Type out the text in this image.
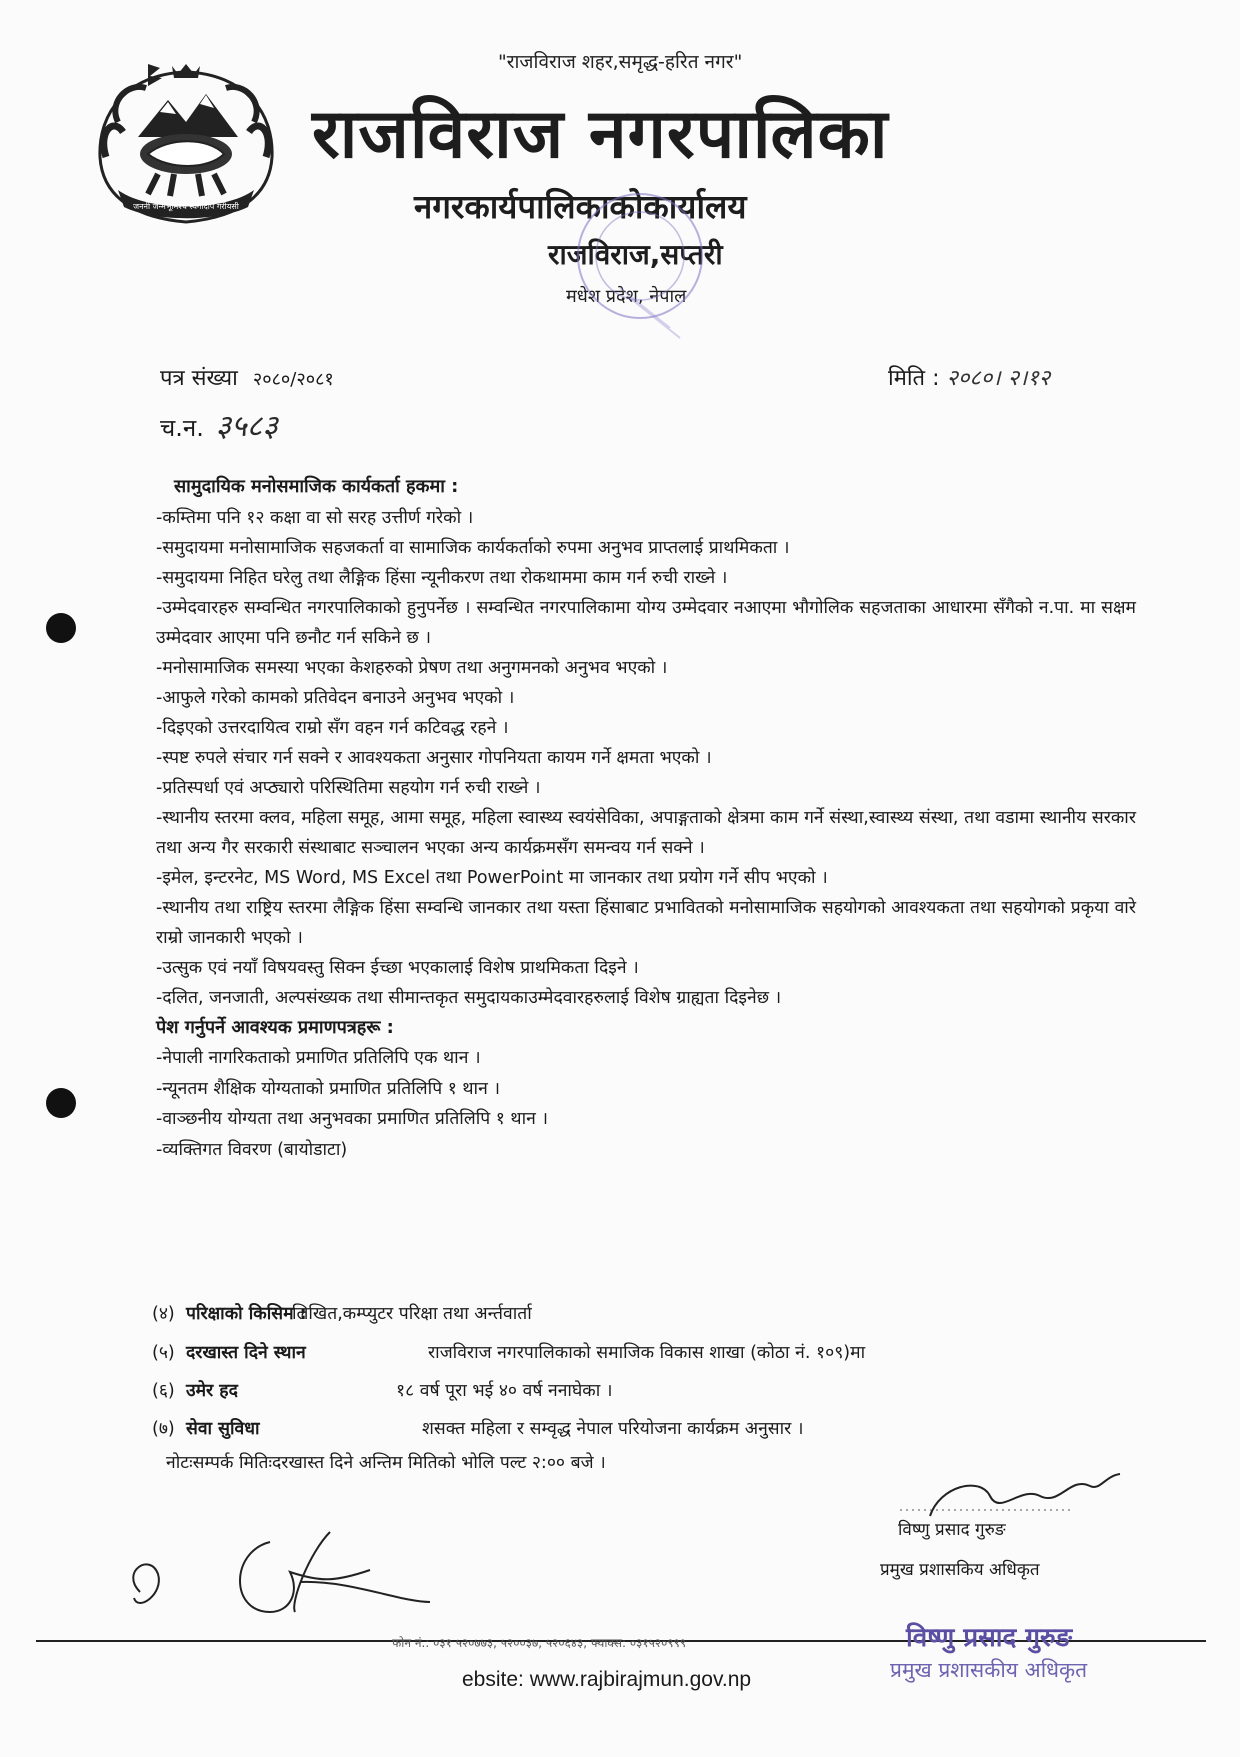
"राजविराज शहर,समृद्ध-हरित नगर"
जननी जन्मभूमिश्च स्वर्गादपि गरीयसी
राजविराज नगरपालिका
नगरकार्यपालिकाकोकार्यालय
राजविराज,सप्तरी
मधेश प्रदेश, नेपाल
पत्र संख्या २०८०/२०८१	मिति : २०८०। २।१२
च.न. ३५८३
सामुदायिक मनोसमाजिक कार्यकर्ता हकमा :
-कम्तिमा पनि १२ कक्षा वा सो सरह उत्तीर्ण गरेको ।
-समुदायमा मनोसामाजिक सहजकर्ता वा सामाजिक कार्यकर्ताको रुपमा अनुभव प्राप्तलाई प्राथमिकता ।
-समुदायमा निहित घरेलु तथा लैङ्गिक हिंसा न्यूनीकरण तथा रोकथाममा काम गर्न रुची राख्ने ।
-उम्मेदवारहरु सम्वन्धित नगरपालिकाको हुनुपर्नेछ । सम्वन्धित नगरपालिकामा योग्य उम्मेदवार नआएमा भौगोलिक सहजताका आधारमा सँगैको न.पा. मा सक्षम उम्मेदवार आएमा पनि छनौट गर्न सकिने छ ।
-मनोसामाजिक समस्या भएका केशहरुको प्रेषण तथा अनुगमनको अनुभव भएको ।
-आफुले गरेको कामको प्रतिवेदन बनाउने अनुभव भएको ।
-दिइएको उत्तरदायित्व राम्रो सँग वहन गर्न कटिवद्ध रहने ।
-स्पष्ट रुपले संचार गर्न सक्ने र आवश्यकता अनुसार गोपनियता कायम गर्ने क्षमता भएको ।
-प्रतिस्पर्धा एवं अप्ठ्यारो परिस्थितिमा सहयोग गर्न रुची राख्ने ।
-स्थानीय स्तरमा क्लव, महिला समूह, आमा समूह, महिला स्वास्थ्य स्वयंसेविका, अपाङ्गताको क्षेत्रमा काम गर्ने संस्था,स्वास्थ्य संस्था, तथा वडामा स्थानीय सरकार तथा अन्य गैर सरकारी संस्थाबाट सञ्चालन भएका अन्य कार्यक्रमसँग समन्वय गर्न सक्ने ।
-इमेल, इन्टरनेट, MS Word, MS Excel तथा PowerPoint मा जानकार तथा प्रयोग गर्ने सीप भएको ।
-स्थानीय तथा राष्ट्रिय स्तरमा लैङ्गिक हिंसा सम्वन्धि जानकार तथा यस्ता हिंसाबाट प्रभावितको मनोसामाजिक सहयोगको आवश्यकता तथा सहयोगको प्रकृया वारे राम्रो जानकारी भएको ।
-उत्सुक एवं नयाँ विषयवस्तु सिक्न ईच्छा भएकालाई विशेष प्राथमिकता दिइने ।
-दलित, जनजाती, अल्पसंख्यक तथा सीमान्तकृत समुदायकाउम्मेदवारहरुलाई विशेष ग्राह्यता दिइनेछ ।
पेश गर्नुपर्ने आवश्यक प्रमाणपत्रहरू :
-नेपाली नागरिकताको प्रमाणित प्रतिलिपि एक थान ।
-न्यूनतम शैक्षिक योग्यताको प्रमाणित प्रतिलिपि १ थान ।
-वाञ्छनीय योग्यता तथा अनुभवका प्रमाणित प्रतिलिपि १ थान ।
-व्यक्तिगत विवरण (बायोडाटा)
(४) परिक्षाको किसिम :
लिखित,कम्प्युटर परिक्षा तथा अर्न्तवार्ता
(५) दरखास्त दिने स्थान	राजविराज नगरपालिकाको समाजिक विकास शाखा (कोठा नं. १०९)मा
(६) उमेर हद	१८ वर्ष पूरा भई ४० वर्ष ननाघेका ।
(७) सेवा सुविधा	शसक्त महिला र सम्वृद्ध नेपाल परियोजना कार्यक्रम अनुसार ।
नोटःसम्पर्क मितिःदरखास्त दिने अन्तिम मितिको भोलि पल्ट २:०० बजे ।
विष्णु प्रसाद गुरुङ
प्रमुख प्रशासकिय अधिकृत
फोन नं.: ०३१ ५२०७७३, ५२००३७, ५२०६४३, फ्याक्स: ०३१५२०९९९
ebsite: www.rajbirajmun.gov.np
विष्णु प्रसाद गुरुङ
प्रमुख प्रशासकीय अधिकृत
